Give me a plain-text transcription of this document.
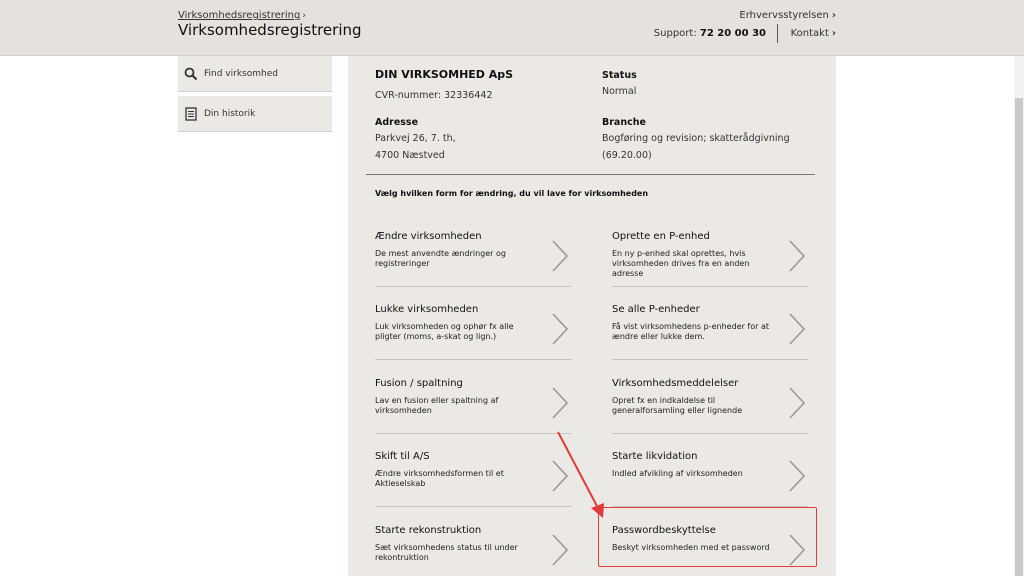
Virksomhedsregistrering ›
Virksomhedsregistrering
Erhvervsstyrelsen ›
Support: 72 20 00 30 Kontakt ›
Find virksomhed
Din historik
DIN VIRKSOMHED ApS
CVR-nummer: 32336442
Status
Normal
Adresse
Parkvej 26, 7. th,
4700 Næstved
Branche
Bogføring og revision; skatterådgivning
(69.20.00)
Vælg hvilken form for ændring, du vil lave for virksomheden
Ændre virksomheden
De mest anvendte ændringer og registreringer
Oprette en P-enhed
En ny p-enhed skal oprettes, hvis virksomheden drives fra en anden adresse
Lukke virksomheden
Luk virksomheden og ophør fx alle pligter (moms, a-skat og lign.)
Se alle P-enheder
Få vist virksomhedens p-enheder for at ændre eller lukke dem.
Fusion / spaltning
Lav en fusion eller spaltning af virksomheden
Virksomhedsmeddelelser
Opret fx en indkaldelse til generalforsamling eller lignende
Skift til A/S
Ændre virksomhedsformen til et Aktieselskab
Starte likvidation
Indled afvikling af virksomheden
Starte rekonstruktion
Sæt virksomhedens status til under rekontruktion
Passwordbeskyttelse
Beskyt virksomheden med et password
